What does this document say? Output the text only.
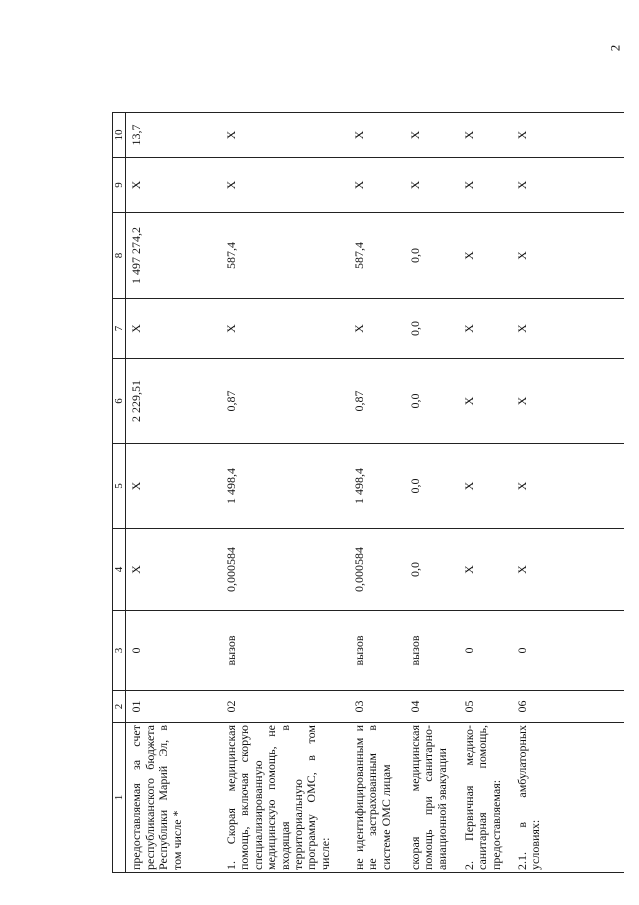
2
1	2	3	4	5	6	7	8	9	10
предоставляемая за счет республиканского бюджета Республики Марий Эл, в том числе *	01	0	X	X	2 229,51	X	1 497 274,2	X	13,7
1. Скорая медицинская помощь, включая скорую специализированную медицинскую помощь, не входящая в территориальную программу ОМС, в том числе:	02	вызов	0,000584	1 498,4	0,87	X	587,4	X	X
не идентифицированным и не застрахованным в системе ОМС лицам	03	вызов	0,000584	1 498,4	0,87	X	587,4	X	X
скорая медицинская помощь при санитарно-авиационной эвакуации	04	вызов	0,0	0,0	0,0	0,0	0,0	X	X
2. Первичная медико-санитарная помощь, предоставляемая:	05	0	X	X	X	X	X	X	X
2.1. в амбулаторных условиях:	06	0	X	X	X	X	X	X	X
